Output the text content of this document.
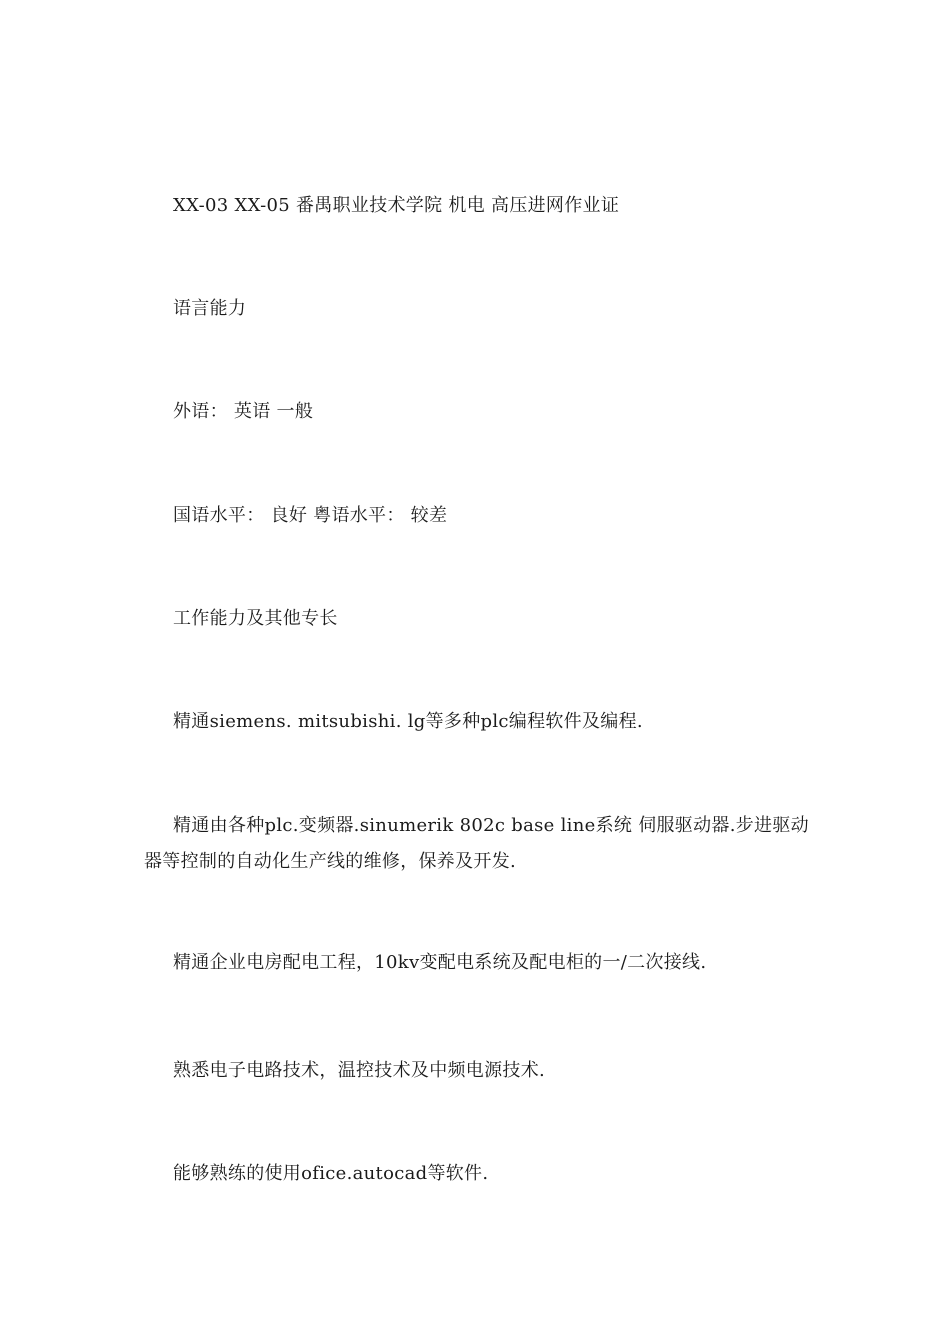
XX-03 XX-05 番禺职业技术学院 机电 高压进网作业证
语言能力
外语： 英语 一般
国语水平： 良好 粤语水平： 较差
工作能力及其他专长
精通siemens. mitsubishi. lg等多种plc编程软件及编程.
精通由各种plc.变频器.sinumerik 802c base line系统 伺服驱动器.步进驱动器等控制的自动化生产线的维修，保养及开发.
精通企业电房配电工程，10kv变配电系统及配电柜的一/二次接线.
熟悉电子电路技术，温控技术及中频电源技术.
能够熟练的使用ofice.autocad等软件.
